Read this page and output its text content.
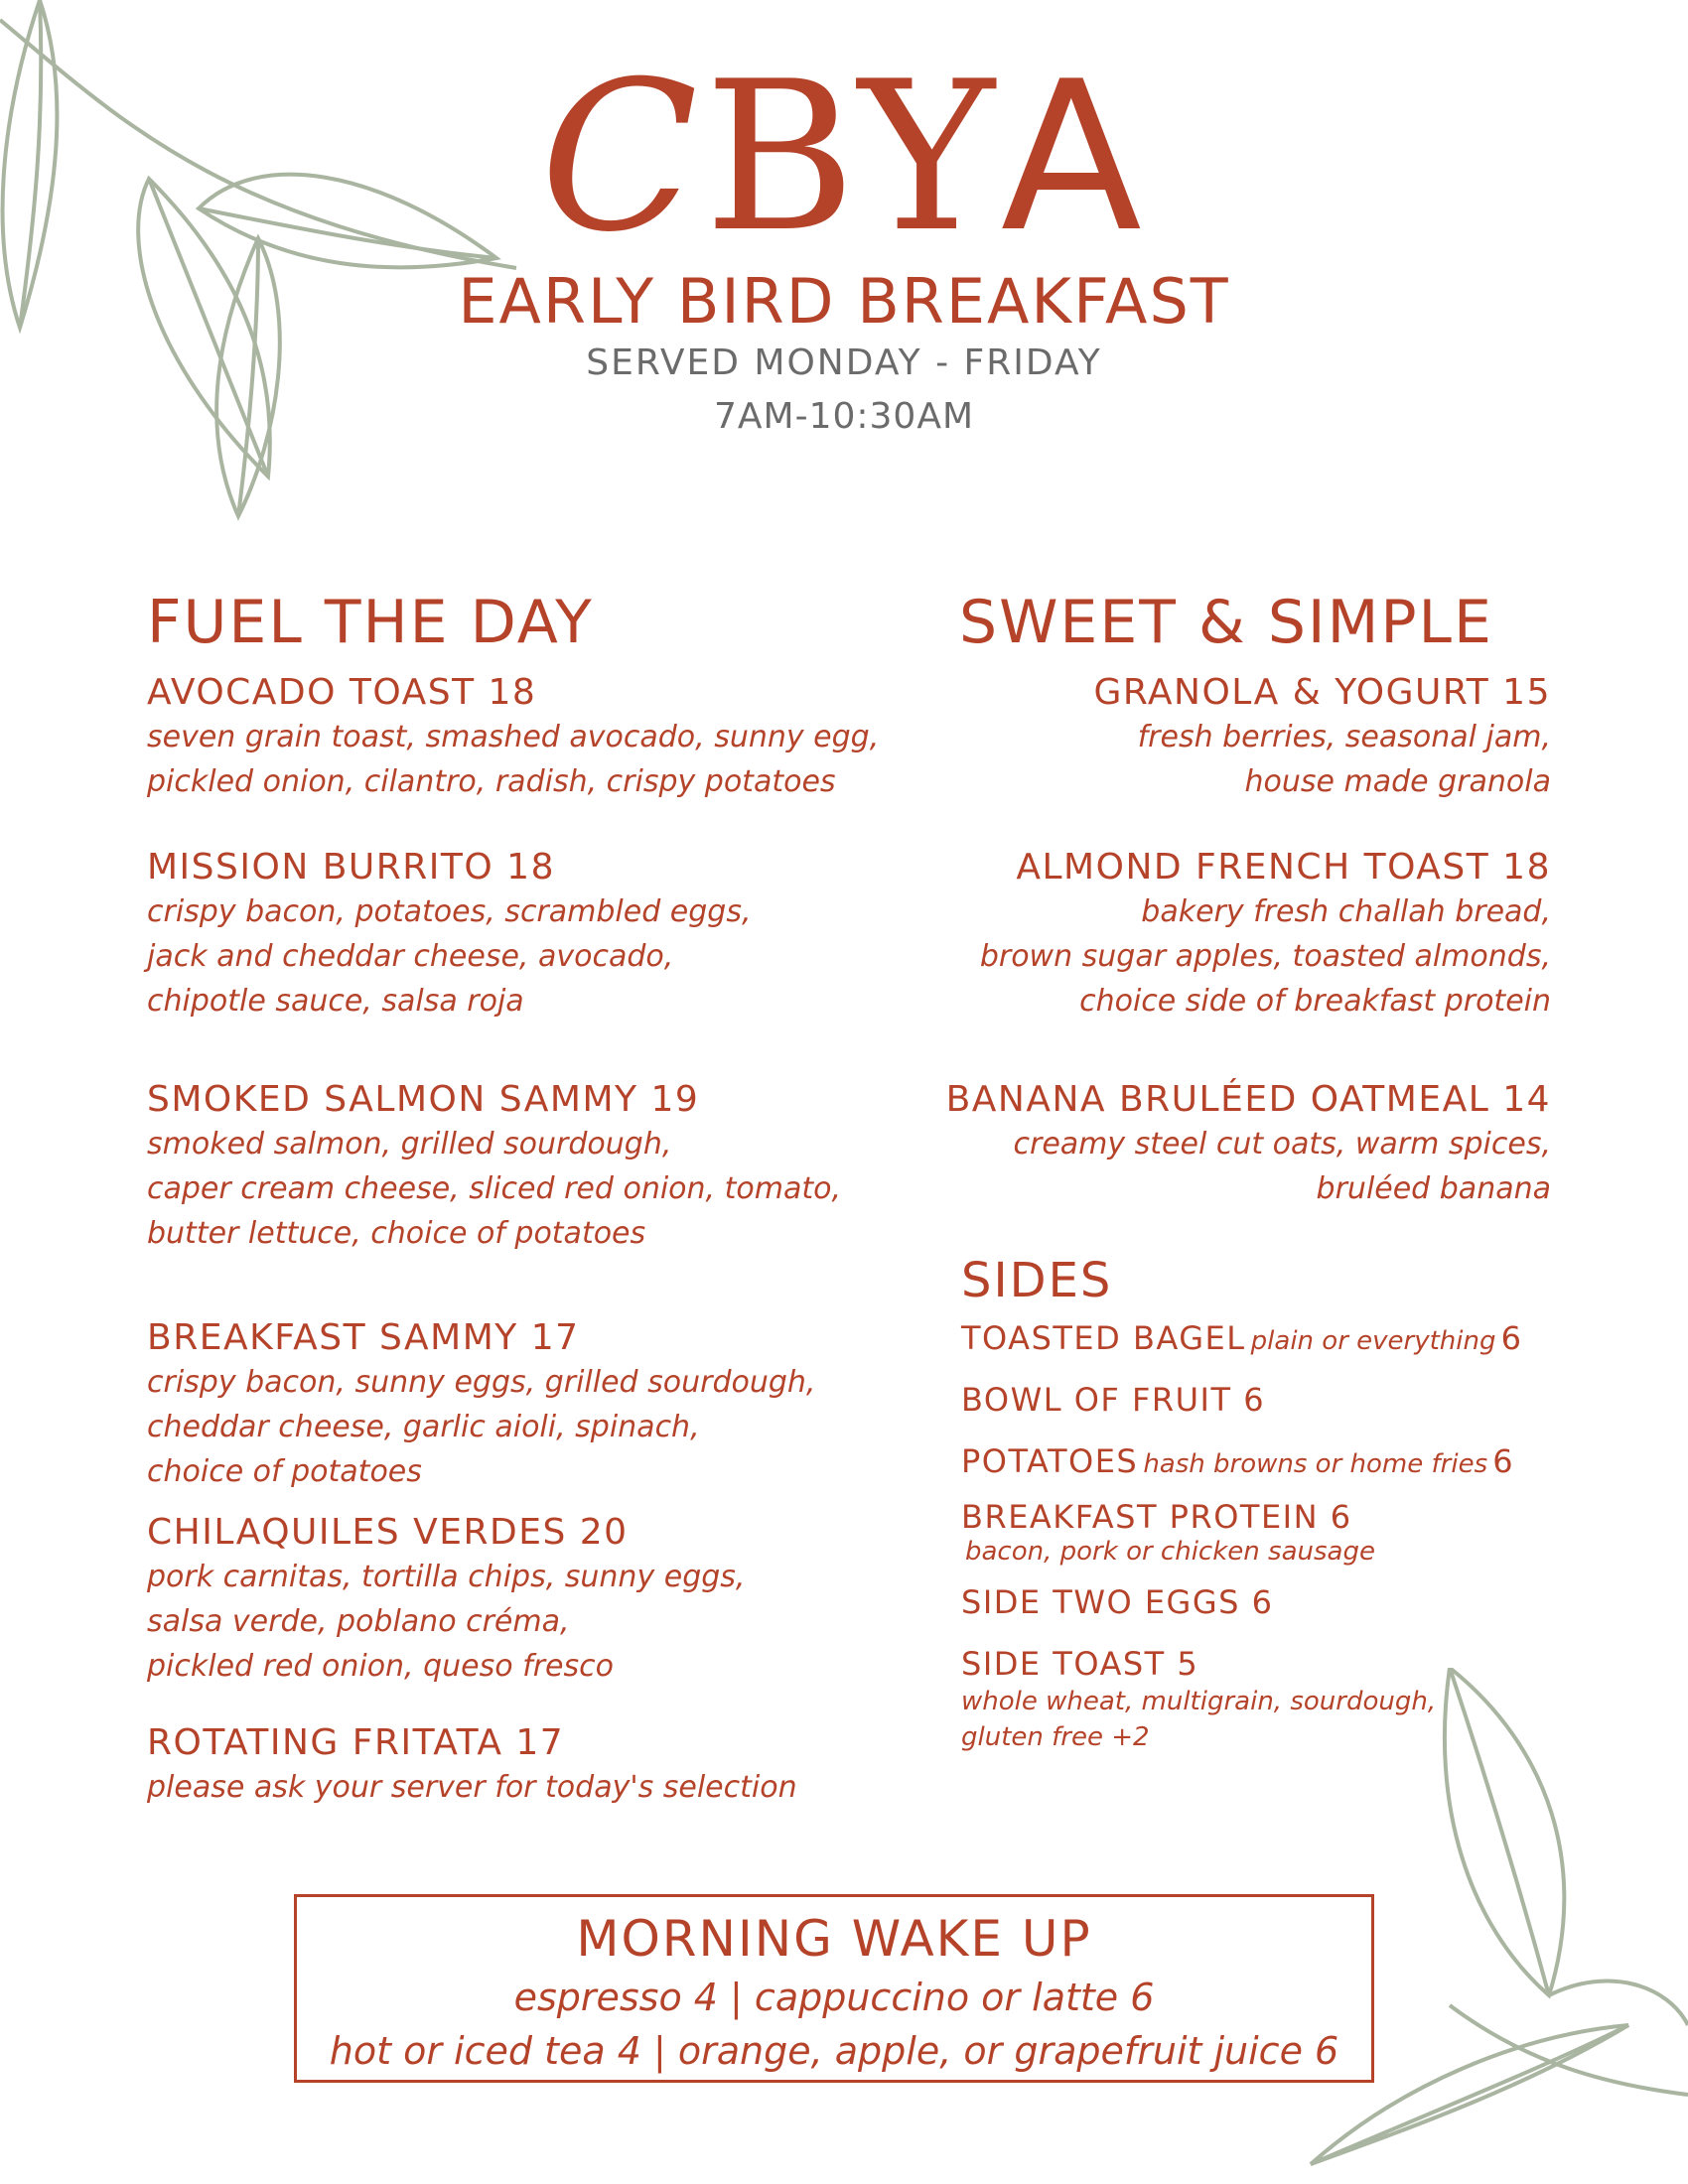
CBYA
EARLY BIRD BREAKFAST
SERVED MONDAY - FRIDAY
7AM-10:30AM
FUEL THE DAY
AVOCADO TOAST 18
seven grain toast, smashed avocado, sunny egg,
pickled onion, cilantro, radish, crispy potatoes
MISSION BURRITO 18
crispy bacon, potatoes, scrambled eggs,
jack and cheddar cheese, avocado,
chipotle sauce, salsa roja
SMOKED SALMON SAMMY 19
smoked salmon, grilled sourdough,
caper cream cheese, sliced red onion, tomato,
butter lettuce, choice of potatoes
BREAKFAST SAMMY 17
crispy bacon, sunny eggs, grilled sourdough,
cheddar cheese, garlic aioli, spinach,
choice of potatoes
CHILAQUILES VERDES 20
pork carnitas, tortilla chips, sunny eggs,
salsa verde, poblano créma,
pickled red onion, queso fresco
ROTATING FRITATA 17
please ask your server for today's selection
SWEET & SIMPLE
GRANOLA & YOGURT 15
fresh berries, seasonal jam,
house made granola
ALMOND FRENCH TOAST 18
bakery fresh challah bread,
brown sugar apples, toasted almonds,
choice side of breakfast protein
BANANA BRULÉED OATMEAL 14
creamy steel cut oats, warm spices,
bruléed banana
SIDES
TOASTED BAGEL plain or everything 6
BOWL OF FRUIT 6
POTATOES hash browns or home fries 6
BREAKFAST PROTEIN 6
bacon, pork or chicken sausage
SIDE TWO EGGS 6
SIDE TOAST 5
whole wheat, multigrain, sourdough,
gluten free +2
MORNING WAKE UP
espresso 4 | cappuccino or latte 6
hot or iced tea 4 | orange, apple, or grapefruit juice 6
